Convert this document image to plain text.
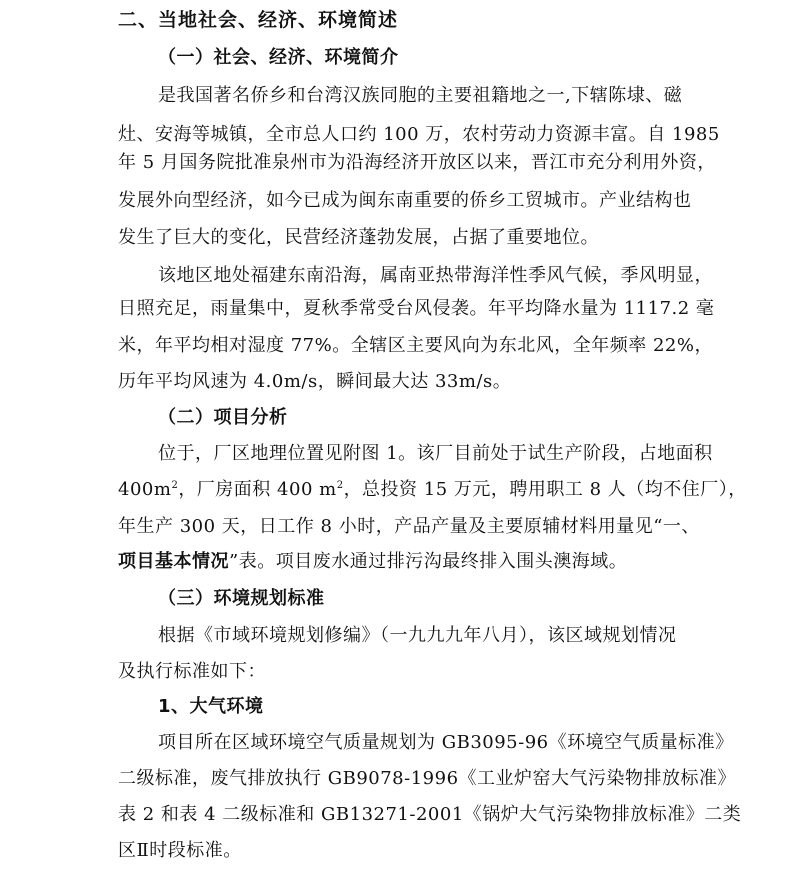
二、当地社会、经济、环境简述
（一）社会、经济、环境简介
是我国著名侨乡和台湾汉族同胞的主要祖籍地之一,下辖陈埭、磁
灶、安海等城镇，全市总人口约 100 万，农村劳动力资源丰富。自 1985
年 5 月国务院批准泉州市为沿海经济开放区以来，晋江市充分利用外资，
发展外向型经济，如今已成为闽东南重要的侨乡工贸城市。产业结构也
发生了巨大的变化，民营经济蓬勃发展，占据了重要地位。
该地区地处福建东南沿海，属南亚热带海洋性季风气候，季风明显，
日照充足，雨量集中，夏秋季常受台风侵袭。年平均降水量为 1117.2 毫
米，年平均相对湿度 77%。全辖区主要风向为东北风，全年频率 22%，
历年平均风速为 4.0m/s，瞬间最大达 33m/s。
（二）项目分析
位于，厂区地理位置见附图 1。该厂目前处于试生产阶段，占地面积
$400m^2$，厂房面积 400 $m^2$，总投资 15 万元，聘用职工 8 人（均不住厂），
年生产 300 天，日工作 8 小时，产品产量及主要原辅材料用量见“一、
项目基本情况”表。项目废水通过排污沟最终排入围头澳海域。
（三）环境规划标准
根据《市域环境规划修编》（一九九九年八月），该区域规划情况
及执行标准如下：
1、大气环境
项目所在区域环境空气质量规划为 GB3095-96《环境空气质量标准》
二级标准，废气排放执行 GB9078-1996《工业炉窑大气污染物排放标准》
表 2 和表 4 二级标准和 GB13271-2001《锅炉大气污染物排放标准》二类
区Ⅱ时段标准。
